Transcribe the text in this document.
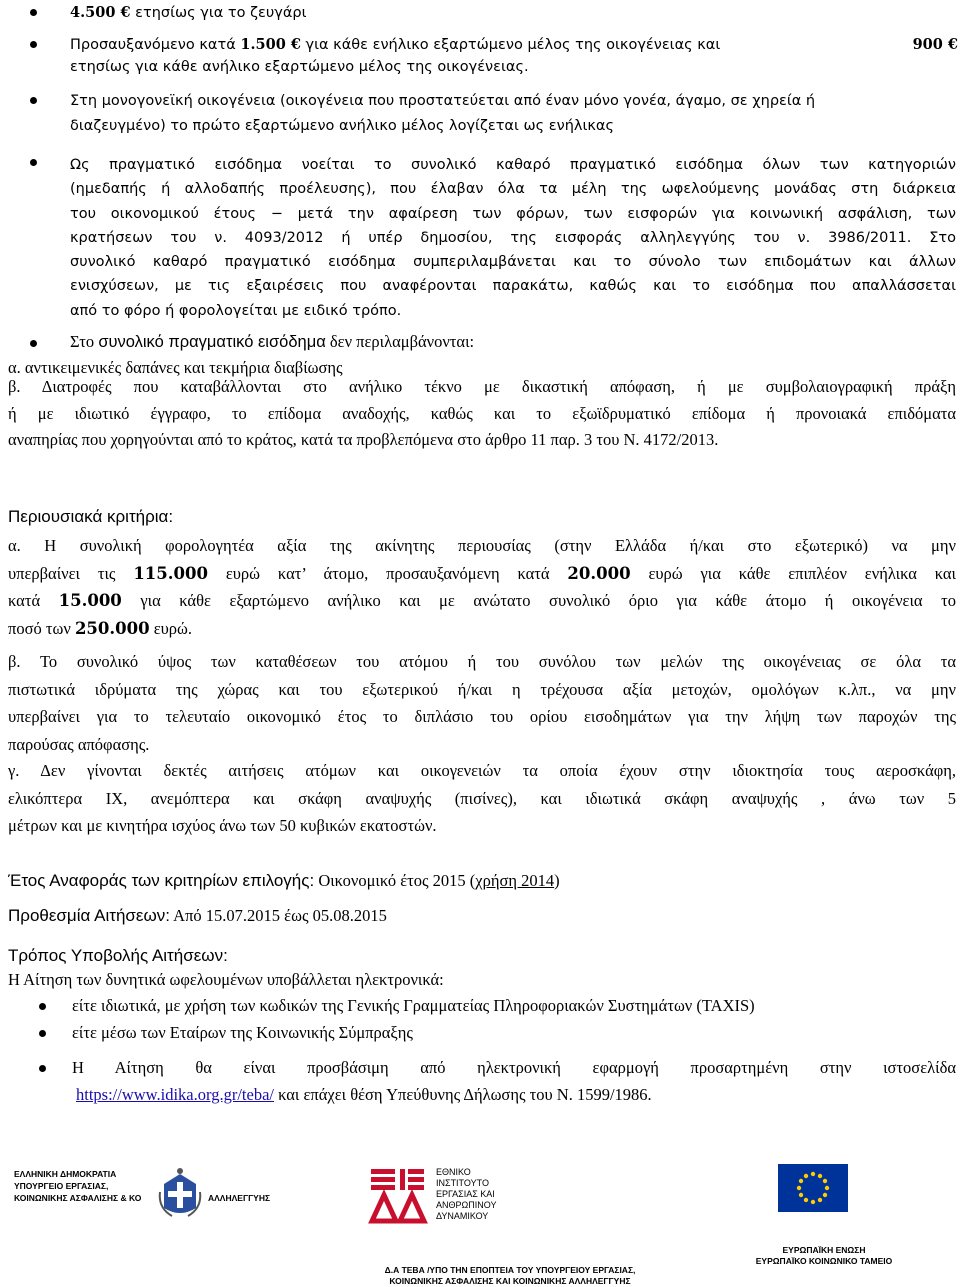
4.500 € ετησίως για το ζευγάρι
Προσαυξανόμενο κατά 1.500 € για κάθε ενήλικο εξαρτώμενο μέλος της οικογένειας και	900 €
ετησίως για κάθε ανήλικο εξαρτώμενο μέλος της οικογένειας.
Στη μονογονεϊκή οικογένεια (οικογένεια που προστατεύεται από έναν μόνο γονέα, άγαμο, σε χηρεία ή
διαζευγμένο) το πρώτο εξαρτώμενο ανήλικο μέλος λογίζεται ως ενήλικας
Ως πραγματικό εισόδημα νοείται το συνολικό καθαρό πραγματικό εισόδημα όλων των κατηγοριών
(ημεδαπής ή αλλοδαπής προέλευσης), που έλαβαν όλα τα μέλη της ωφελούμενης μονάδας στη διάρκεια
του οικονομικού έτους − μετά την αφαίρεση των φόρων, των εισφορών για κοινωνική ασφάλιση, των
κρατήσεων του ν. 4093/2012 ή υπέρ δημοσίου, της εισφοράς αλληλεγγύης του ν. 3986/2011. Στο
συνολικό καθαρό πραγματικό εισόδημα συμπεριλαμβάνεται και το σύνολο των επιδομάτων και άλλων
ενισχύσεων, με τις εξαιρέσεις που αναφέρονται παρακάτω, καθώς και το εισόδημα που απαλλάσσεται
από το φόρο ή φορολογείται με ειδικό τρόπο.
Στο συνολικό πραγματικό εισόδημα δεν περιλαμβάνονται:
α. αντικειμενικές δαπάνες και τεκμήρια διαβίωσης
β. Διατροφές που καταβάλλονται στο ανήλικο τέκνο με δικαστική απόφαση, ή με συμβολαιογραφική πράξη
ή με ιδιωτικό έγγραφο, το επίδομα αναδοχής, καθώς και το εξωϊδρυματικό επίδομα ή προνοιακά επιδόματα
αναπηρίας που χορηγούνται από το κράτος, κατά τα προβλεπόμενα στο άρθρο 11 παρ. 3 του Ν. 4172/2013.
Περιουσιακά κριτήρια:
α. Η συνολική φορολογητέα αξία της ακίνητης περιουσίας (στην Ελλάδα ή/και στο εξωτερικό) να μην
υπερβαίνει τις 115.000 ευρώ κατ’ άτομο, προσαυξανόμενη κατά 20.000 ευρώ για κάθε επιπλέον ενήλικα και
κατά 15.000 για κάθε εξαρτώμενο ανήλικο και με ανώτατο συνολικό όριο για κάθε άτομο ή οικογένεια το
ποσό των 250.000 ευρώ.
β. Το συνολικό ύψος των καταθέσεων του ατόμου ή του συνόλου των μελών της οικογένειας σε όλα τα
πιστωτικά ιδρύματα της χώρας και του εξωτερικού ή/και η τρέχουσα αξία μετοχών, ομολόγων κ.λπ., να μην
υπερβαίνει για το τελευταίο οικονομικό έτος το διπλάσιο του ορίου εισοδημάτων για την λήψη των παροχών της
παρούσας απόφασης.
γ. Δεν γίνονται δεκτές αιτήσεις ατόμων και οικογενειών τα οποία έχουν στην ιδιοκτησία τους αεροσκάφη,
ελικόπτερα ΙΧ, ανεμόπτερα και σκάφη αναψυχής (πισίνες), και ιδιωτικά σκάφη αναψυχής , άνω των 5
μέτρων και με κινητήρα ισχύος άνω των 50 κυβικών εκατοστών.
Έτος Αναφοράς των κριτηρίων επιλογής: Οικονομικό έτος 2015 (χρήση 2014)
Προθεσμία Αιτήσεων: Από 15.07.2015 έως 05.08.2015
Τρόπος Υποβολής Αιτήσεων:
Η Αίτηση των δυνητικά ωφελουμένων υποβάλλεται ηλεκτρονικά:
είτε ιδιωτικά, με χρήση των κωδικών της Γενικής Γραμματείας Πληροφοριακών Συστημάτων (TAXIS)
είτε μέσω των Εταίρων της Κοινωνικής Σύμπραξης
Η Αίτηση θα είναι προσβάσιμη από ηλεκτρονική εφαρμογή προσαρτημένη στην ιστοσελίδα
https://www.idika.org.gr/teba/ και επάχει θέση Υπεύθυνης Δήλωσης του Ν. 1599/1986.
ΕΛΛΗΝΙΚΗ ΔΗΜΟΚΡΑΤΙΑ
ΥΠΟΥΡΓΕΙΟ ΕΡΓΑΣΙΑΣ,
ΚΟΙΝΩΝΙΚΗΣ ΑΣΦΑΛΙΣΗΣ & ΚΟ	ΑΛΛΗΛΕΓΓΥΗΣ
ΕΘΝΙΚΟ
ΙΝΣΤΙΤΟΥΤΟ
ΕΡΓΑΣΙΑΣ ΚΑΙ
ΑΝΘΡΩΠΙΝΟΥ
ΔΥΝΑΜΙΚΟΥ
ΕΥΡΩΠΑΪΚΗ ΕΝΩΣΗ
ΕΥΡΩΠΑΪΚΟ ΚΟΙΝΩΝΙΚΟ ΤΑΜΕΙΟ
Δ.Α ΤΕΒΑ /ΥΠΟ ΤΗΝ ΕΠΟΠΤΕΙΑ ΤΟΥ ΥΠΟΥΡΓΕΙΟΥ ΕΡΓΑΣΙΑΣ,
ΚΟΙΝΩΝΙΚΗΣ ΑΣΦΑΛΙΣΗΣ ΚΑΙ ΚΟΙΝΩΝΙΚΗΣ ΑΛΛΗΛΕΓΓΥΗΣ
